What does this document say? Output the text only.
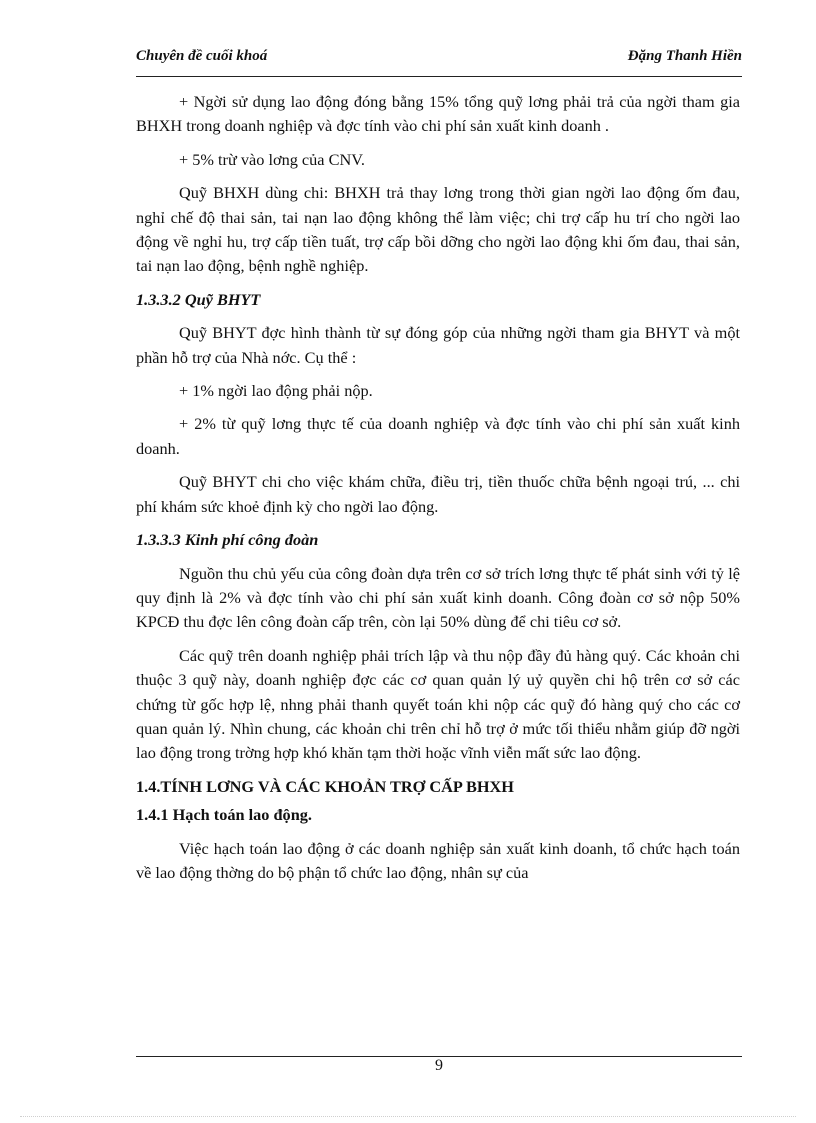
Chuyên đề cuối khoá	Đặng Thanh Hiền

+ Ngời sử dụng lao động đóng bằng 15% tổng quỹ lơng phải trả của ngời tham gia BHXH trong doanh nghiệp và đợc tính vào chi phí sản xuất kinh doanh .

+ 5% trừ vào lơng của CNV.

Quỹ BHXH dùng chi: BHXH trả thay lơng trong thời gian ngời lao động ốm đau, nghỉ chế độ thai sản, tai nạn lao động không thể làm việc; chi trợ cấp hu trí cho ngời lao động về nghỉ hu, trợ cấp tiền tuất, trợ cấp bồi dỡng cho ngời lao động khi ốm đau, thai sản, tai nạn lao động, bệnh nghề nghiệp.

1.3.3.2 Quỹ BHYT

Quỹ BHYT đợc hình thành từ sự đóng góp của những ngời tham gia BHYT và một phần hỗ trợ của Nhà nớc. Cụ thể :

+ 1% ngời lao động phải nộp.

+ 2% từ quỹ lơng thực tế của doanh nghiệp và đợc tính vào chi phí sản xuất kinh doanh.

Quỹ BHYT chi cho việc khám chữa, điều trị, tiền thuốc chữa bệnh ngoại trú, ... chi phí khám sức khoẻ định kỳ cho ngời lao động.

1.3.3.3 Kinh phí công đoàn

Nguồn thu chủ yếu của công đoàn dựa trên cơ sở trích lơng thực tế phát sinh với tỷ lệ quy định là 2% và đợc tính vào chi phí sản xuất kinh doanh. Công đoàn cơ sở nộp 50% KPCĐ thu đợc lên công đoàn cấp trên, còn lại 50% dùng để chi tiêu cơ sở.

Các quỹ trên doanh nghiệp phải trích lập và thu nộp đầy đủ hàng quý. Các khoản chi thuộc 3 quỹ này, doanh nghiệp đợc các cơ quan quản lý uỷ quyền chi hộ trên cơ sở các chứng từ gốc hợp lệ, nhng phải thanh quyết toán khi nộp các quỹ đó hàng quý cho các cơ quan quản lý. Nhìn chung, các khoản chi trên chỉ hỗ trợ ở mức tối thiểu nhằm giúp đỡ ngời lao động trong trờng hợp khó khăn tạm thời hoặc vĩnh viễn mất sức lao động.

1.4.TÍNH LƠNG VÀ CÁC KHOẢN TRỢ CẤP BHXH
1.4.1 Hạch toán lao động.

Việc hạch toán lao động ở các doanh nghiệp sản xuất kinh doanh, tổ chức hạch toán về lao động thờng do bộ phận tổ chức lao động, nhân sự của

9
